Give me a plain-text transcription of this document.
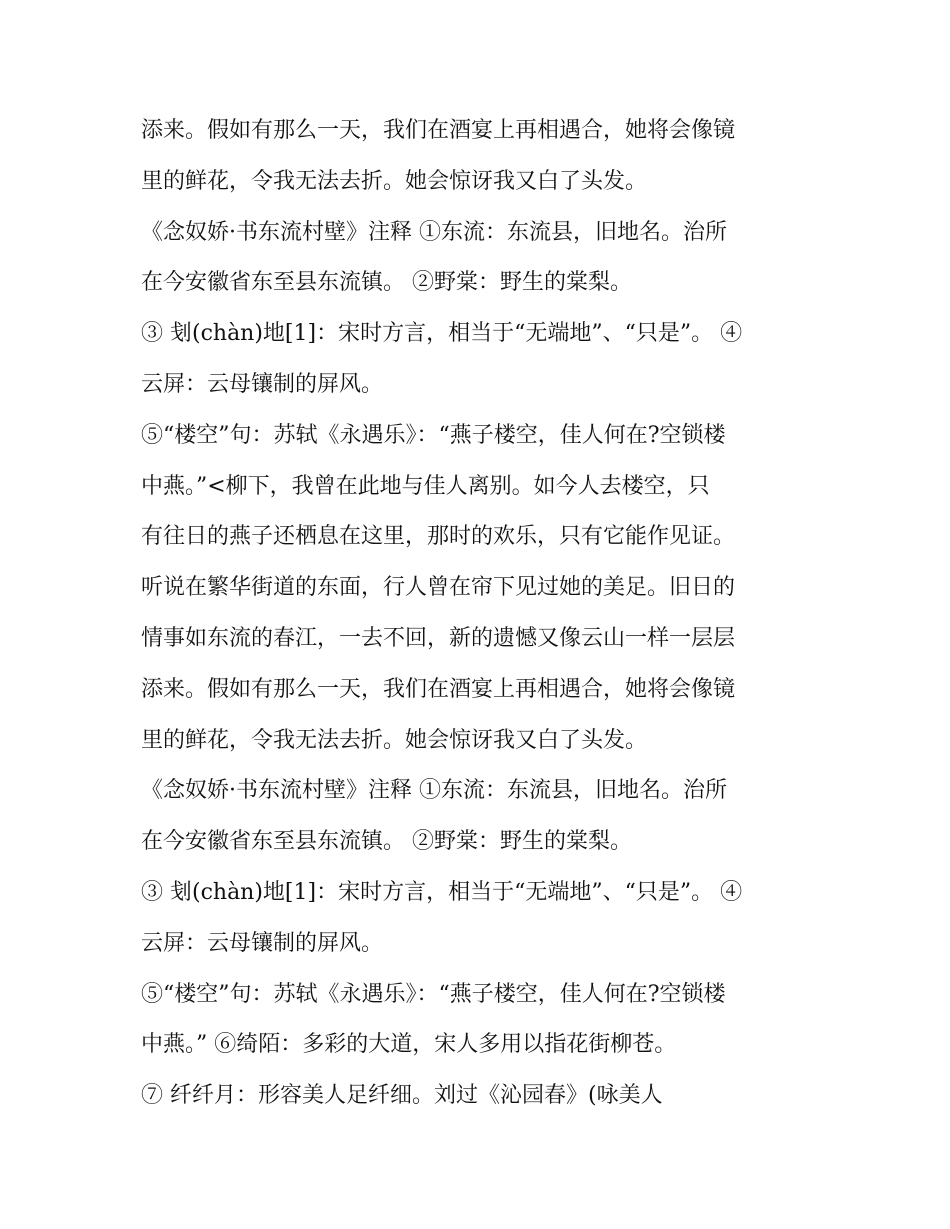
添来。假如有那么一天，我们在酒宴上再相遇合，她将会像镜
里的鲜花，令我无法去折。她会惊讶我又白了头发。
《念奴娇·书东流村壁》注释 ①东流：东流县，旧地名。治所
在今安徽省东至县东流镇。 ②野棠：野生的棠梨。
③ 刬(chàn)地[1]：宋时方言，相当于“无端地”、“只是”。 ④
云屏：云母镶制的屏风。
⑤“楼空”句：苏轼《永遇乐》：“燕子楼空，佳人何在?空锁楼
中燕。”<柳下，我曾在此地与佳人离别。如今人去楼空，只
有往日的燕子还栖息在这里，那时的欢乐，只有它能作见证。
听说在繁华街道的东面，行人曾在帘下见过她的美足。旧日的
情事如东流的春江，一去不回，新的遗憾又像云山一样一层层
添来。假如有那么一天，我们在酒宴上再相遇合，她将会像镜
里的鲜花，令我无法去折。她会惊讶我又白了头发。
《念奴娇·书东流村壁》注释 ①东流：东流县，旧地名。治所
在今安徽省东至县东流镇。 ②野棠：野生的棠梨。
③ 刬(chàn)地[1]：宋时方言，相当于“无端地”、“只是”。 ④
云屏：云母镶制的屏风。
⑤“楼空”句：苏轼《永遇乐》：“燕子楼空，佳人何在?空锁楼
中燕。” ⑥绮陌：多彩的大道，宋人多用以指花街柳苍。
⑦ 纤纤月：形容美人足纤细。刘过《沁园春》(咏美人
